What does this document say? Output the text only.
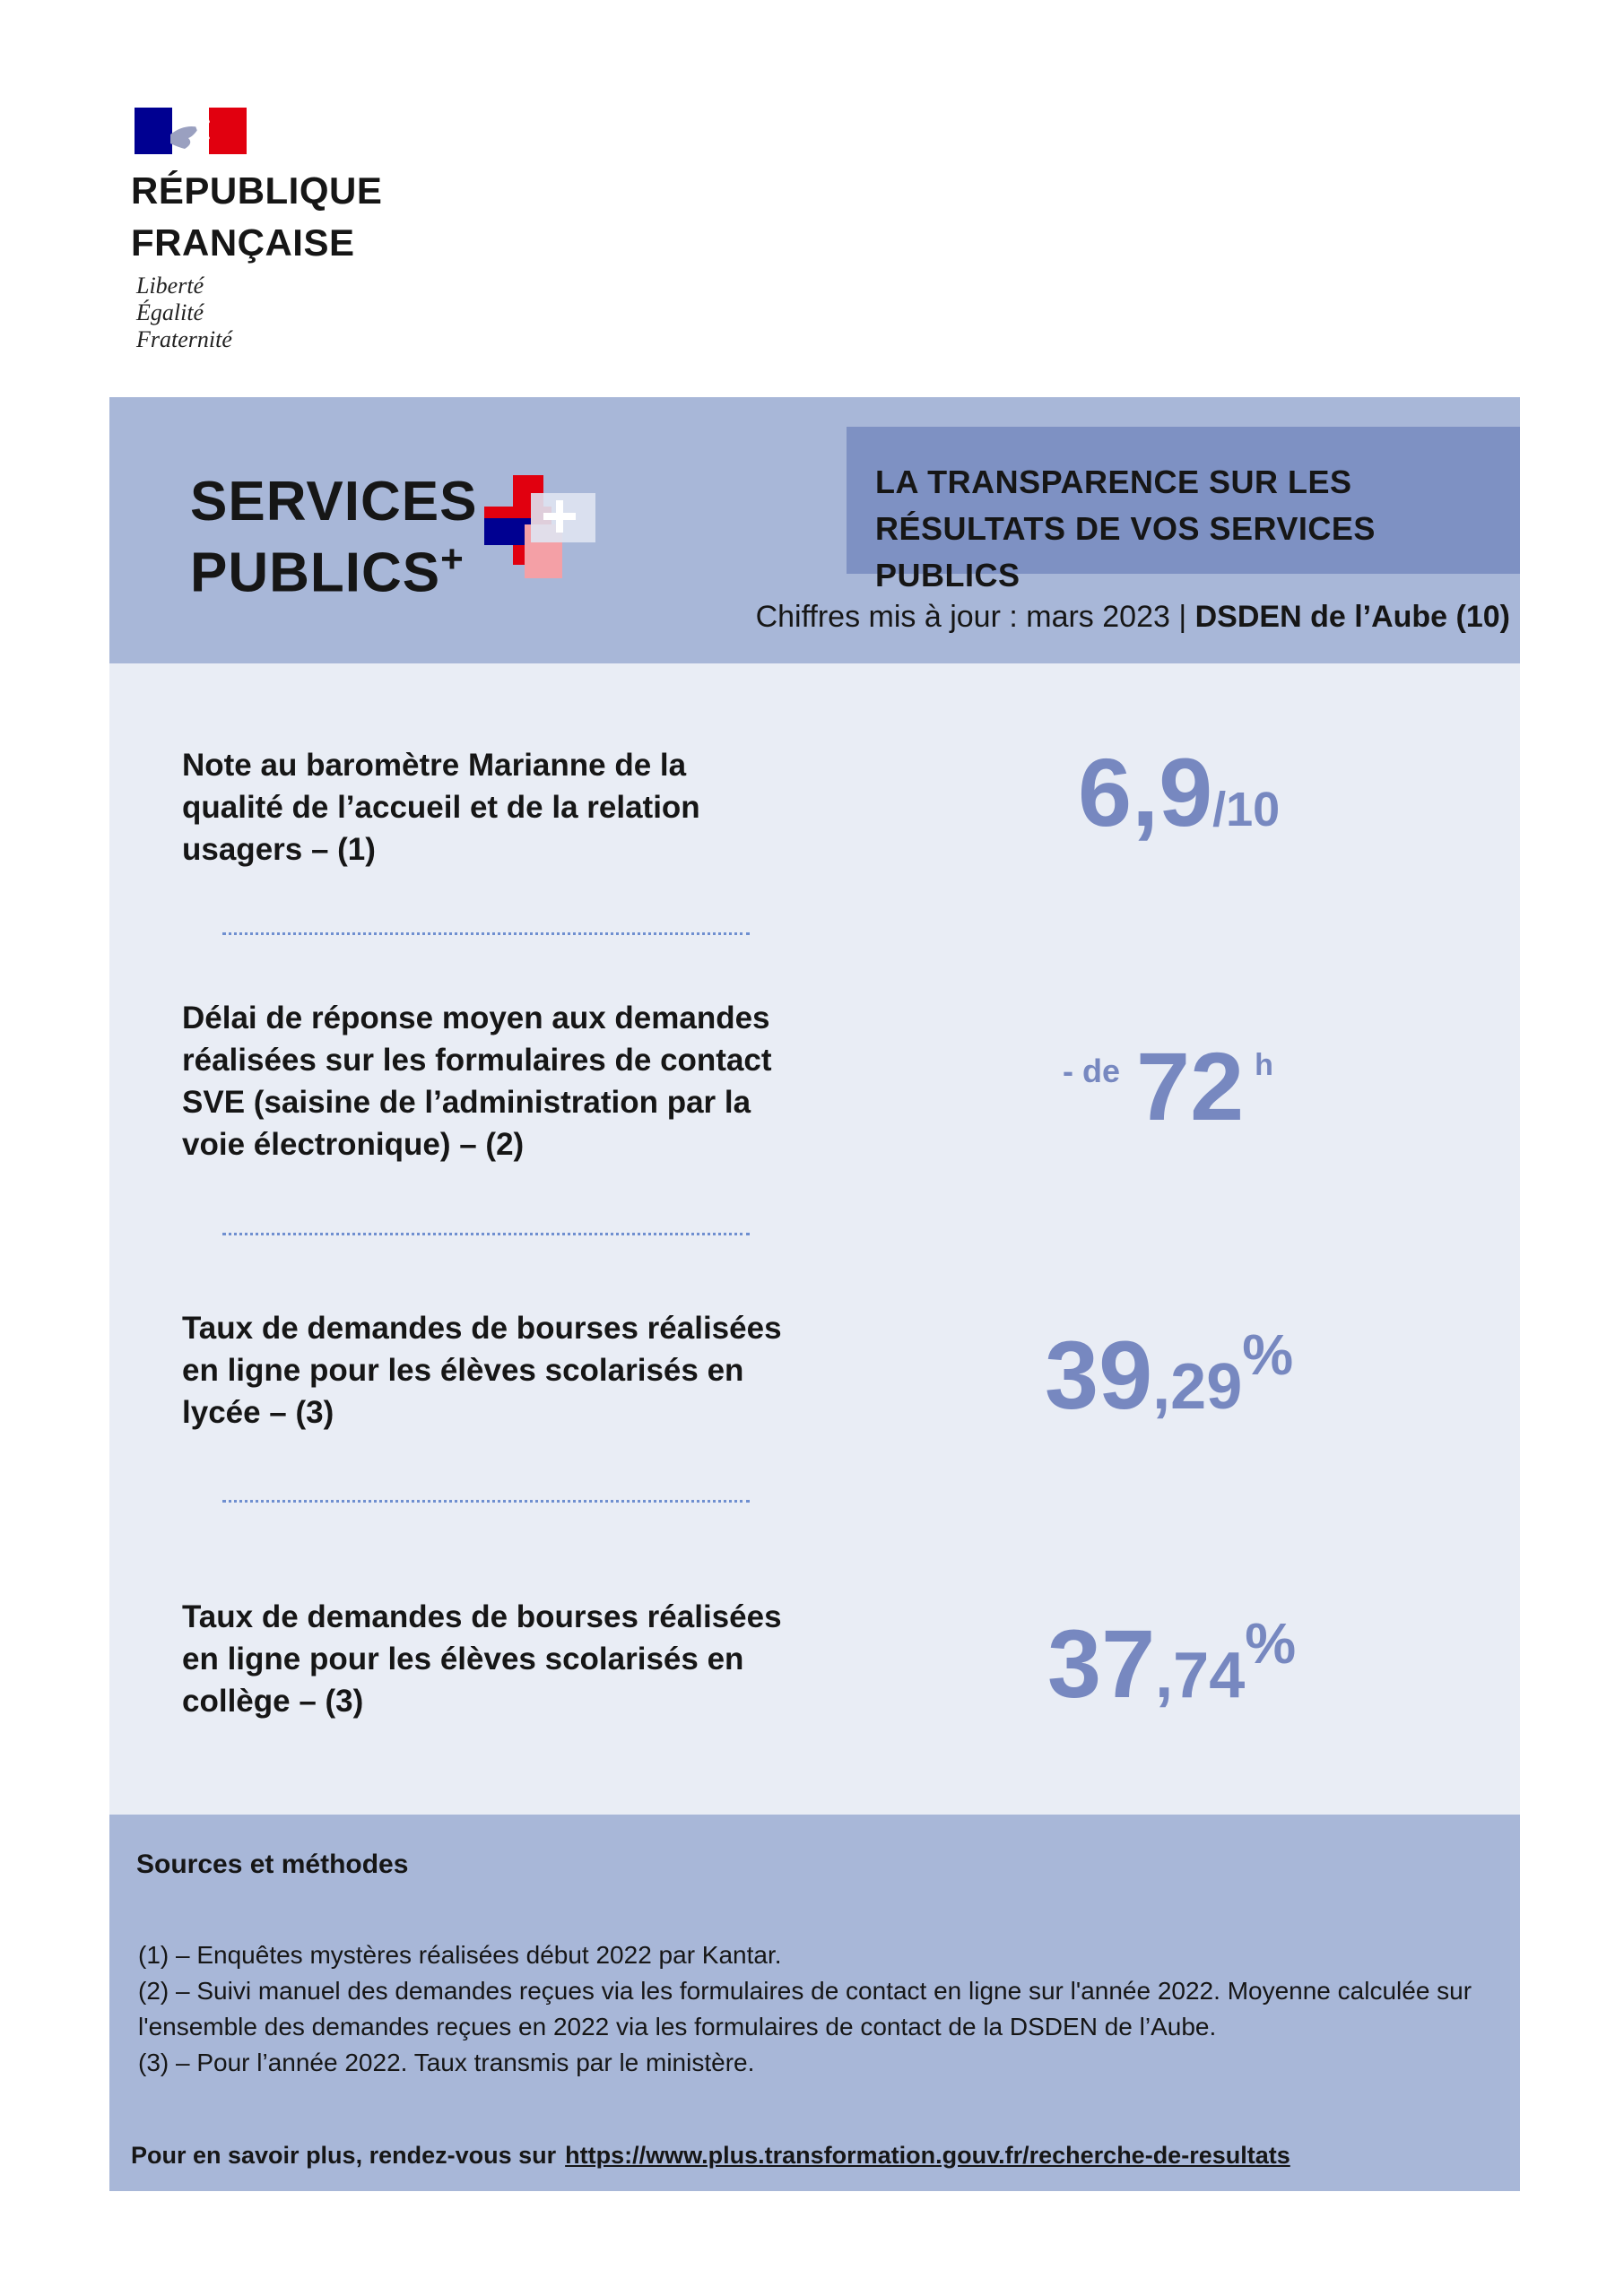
RÉPUBLIQUE
FRANÇAISE
Liberté
Égalité
Fraternité
SERVICES
PUBLICS+
LA TRANSPARENCE SUR LES
RÉSULTATS DE VOS SERVICES PUBLICS
Chiffres mis à jour : mars 2023 | DSDEN de l’Aube (10)
Note au baromètre Marianne de la
qualité de l’accueil et de la relation
usagers – (1)
6,9/10
Délai de réponse moyen aux demandes
réalisées sur les formulaires de contact
SVE (saisine de l’administration par la
voie électronique) – (2)
- de 72 h
Taux de demandes de bourses réalisées
en ligne pour les élèves scolarisés en
lycée – (3)	39,29%
Taux de demandes de bourses réalisées
en ligne pour les élèves scolarisés en
collège – (3)	37,74%
Sources et méthodes
(1) – Enquêtes mystères réalisées début 2022 par Kantar.
(2) – Suivi manuel des demandes reçues via les formulaires de contact en ligne sur l'année 2022. Moyenne calculée sur
l'ensemble des demandes reçues en 2022 via les formulaires de contact de la DSDEN de l’Aube.
(3) – Pour l’année 2022. Taux transmis par le ministère.
Pour en savoir plus, rendez-vous sur https://www.plus.transformation.gouv.fr/recherche-de-resultats
